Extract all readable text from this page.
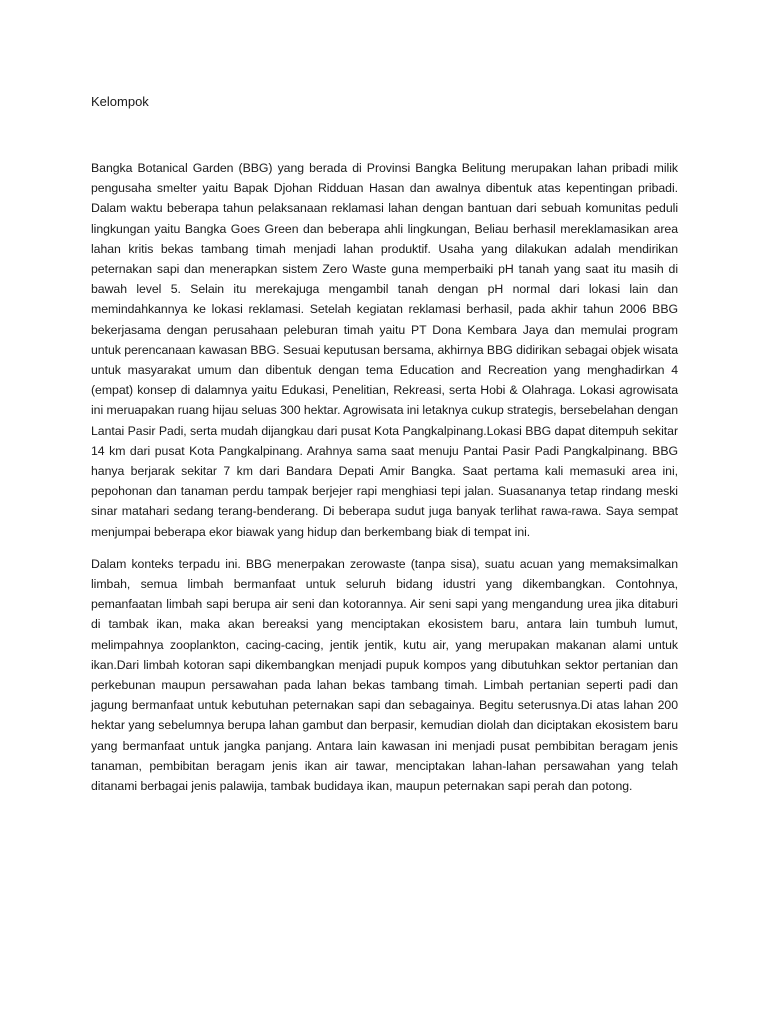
Kelompok

Bangka Botanical Garden (BBG) yang berada di Provinsi Bangka Belitung merupakan lahan pribadi milik pengusaha smelter yaitu Bapak Djohan Ridduan Hasan dan awalnya dibentuk atas kepentingan pribadi. Dalam waktu beberapa tahun pelaksanaan reklamasi lahan dengan bantuan dari sebuah komunitas peduli lingkungan yaitu Bangka Goes Green dan beberapa ahli lingkungan, Beliau berhasil mereklamasikan area lahan kritis bekas tambang timah menjadi lahan produktif. Usaha yang dilakukan adalah mendirikan peternakan sapi dan menerapkan sistem Zero Waste guna memperbaiki pH tanah yang saat itu masih di bawah level 5. Selain itu merekajuga mengambil tanah dengan pH normal dari lokasi lain dan memindahkannya ke lokasi reklamasi. Setelah kegiatan reklamasi berhasil, pada akhir tahun 2006 BBG bekerjasama dengan perusahaan peleburan timah yaitu PT Dona Kembara Jaya dan memulai program untuk perencanaan kawasan BBG. Sesuai keputusan bersama, akhirnya BBG didirikan sebagai objek wisata untuk masyarakat umum dan dibentuk dengan tema Education and Recreation yang menghadirkan 4 (empat) konsep di dalamnya yaitu Edukasi, Penelitian, Rekreasi, serta Hobi & Olahraga. Lokasi agrowisata ini meruapakan ruang hijau seluas 300 hektar. Agrowisata ini letaknya cukup strategis, bersebelahan dengan Lantai Pasir Padi, serta mudah dijangkau dari pusat Kota Pangkalpinang.Lokasi BBG dapat ditempuh sekitar 14 km dari pusat Kota Pangkalpinang. Arahnya sama saat menuju Pantai Pasir Padi Pangkalpinang. BBG hanya berjarak sekitar 7 km dari Bandara Depati Amir Bangka. Saat pertama kali memasuki area ini, pepohonan dan tanaman perdu tampak berjejer rapi menghiasi tepi jalan. Suasananya tetap rindang meski sinar matahari sedang terang-benderang. Di beberapa sudut juga banyak terlihat rawa-rawa. Saya sempat menjumpai beberapa ekor biawak yang hidup dan berkembang biak di tempat ini.

Dalam konteks terpadu ini. BBG menerpakan zerowaste (tanpa sisa), suatu acuan yang memaksimalkan limbah, semua limbah bermanfaat untuk seluruh bidang idustri yang dikembangkan. Contohnya, pemanfaatan limbah sapi berupa air seni dan kotorannya. Air seni sapi yang mengandung urea jika ditaburi di tambak ikan, maka akan bereaksi yang menciptakan ekosistem baru, antara lain tumbuh lumut, melimpahnya zooplankton, cacing-cacing, jentik jentik, kutu air, yang merupakan makanan alami untuk ikan.Dari limbah kotoran sapi dikembangkan menjadi pupuk kompos yang dibutuhkan sektor pertanian dan perkebunan maupun persawahan pada lahan bekas tambang timah. Limbah pertanian seperti padi dan jagung bermanfaat untuk kebutuhan peternakan sapi dan sebagainya. Begitu seterusnya.Di atas lahan 200 hektar yang sebelumnya berupa lahan gambut dan berpasir, kemudian diolah dan diciptakan ekosistem baru yang bermanfaat untuk jangka panjang. Antara lain kawasan ini menjadi pusat pembibitan beragam jenis tanaman, pembibitan beragam jenis ikan air tawar, menciptakan lahan-lahan persawahan yang telah ditanami berbagai jenis palawija, tambak budidaya ikan, maupun peternakan sapi perah dan potong.
